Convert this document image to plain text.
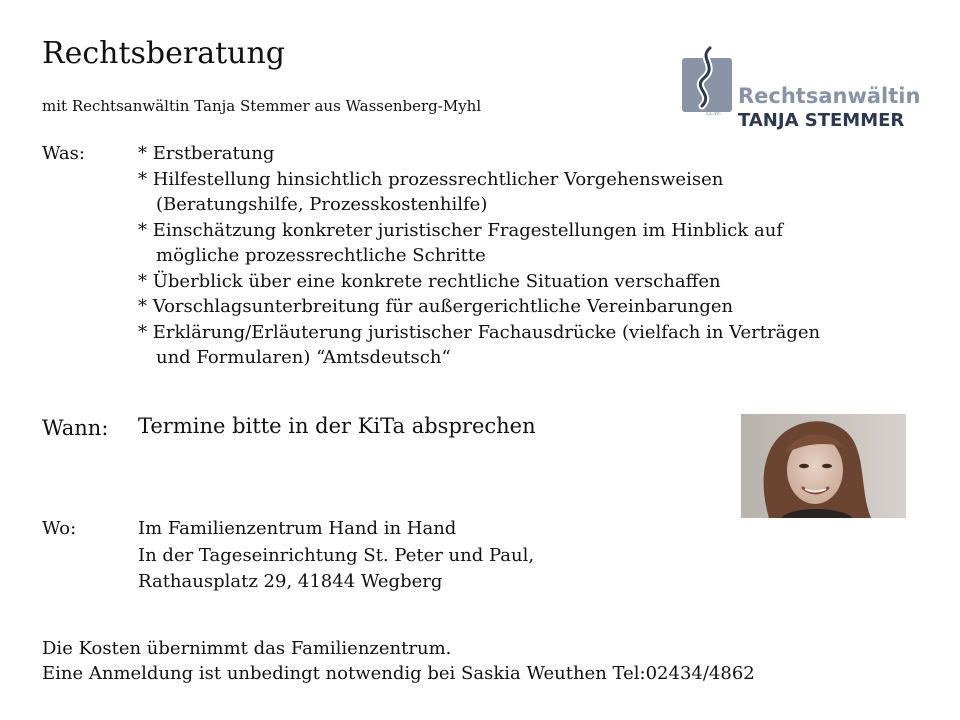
Rechtsberatung
mit Rechtsanwältin Tanja Stemmer aus Wassenberg-Myhl	LL.M.
Rechtsanwältin
TANJA STEMMER
Was:	* Erstberatung
* Hilfestellung hinsichtlich prozessrechtlicher Vorgehensweisen
(Beratungshilfe, Prozesskostenhilfe)
* Einschätzung konkreter juristischer Fragestellungen im Hinblick auf
mögliche prozessrechtliche Schritte
* Überblick über eine konkrete rechtliche Situation verschaffen
* Vorschlagsunterbreitung für außergerichtliche Vereinbarungen
* Erklärung/Erläuterung juristischer Fachausdrücke (vielfach in Verträgen
und Formularen) “Amtsdeutsch“
Wann: Termine bitte in der KiTa absprechen
Wo:	Im Familienzentrum Hand in Hand
In der Tageseinrichtung St. Peter und Paul,
Rathausplatz 29, 41844 Wegberg
Die Kosten übernimmt das Familienzentrum.
Eine Anmeldung ist unbedingt notwendig bei Saskia Weuthen Tel:02434/4862
